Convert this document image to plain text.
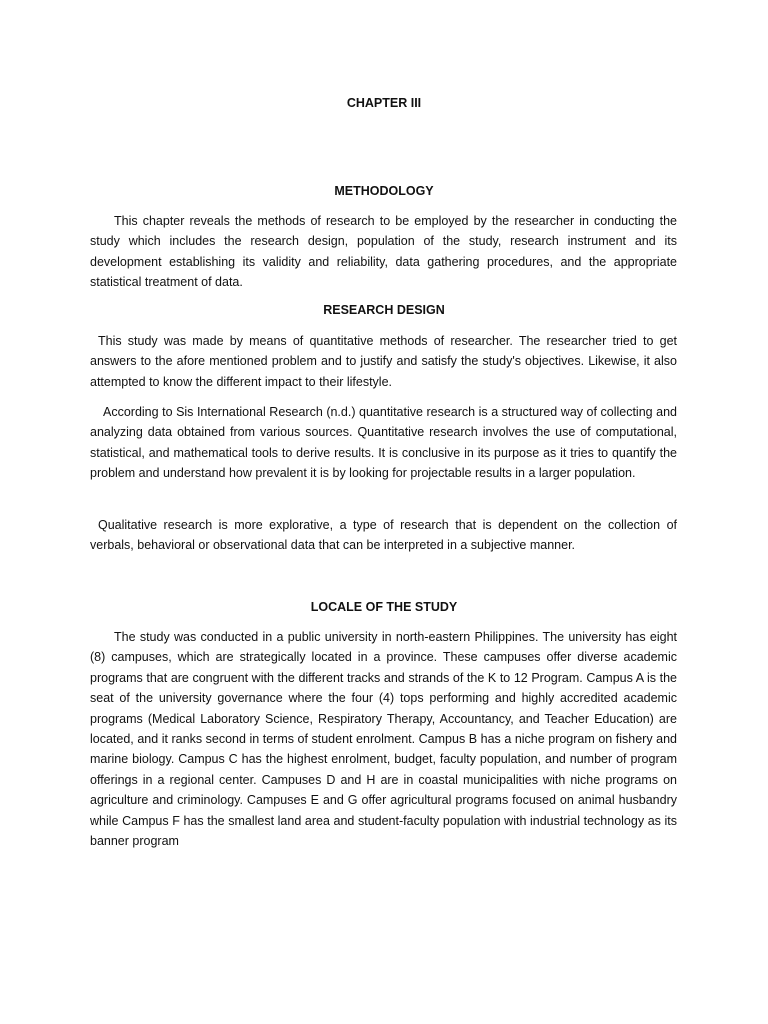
CHAPTER III
METHODOLOGY

This chapter reveals the methods of research to be employed by the researcher in conducting the study which includes the research design, population of the study, research instrument and its development establishing its validity and reliability, data gathering procedures, and the appropriate statistical treatment of data.

RESEARCH DESIGN

This study was made by means of quantitative methods of researcher. The researcher tried to get answers to the afore mentioned problem and to justify and satisfy the study's objectives. Likewise, it also attempted to know the different impact to their lifestyle.

According to Sis International Research (n.d.) quantitative research is a structured way of collecting and analyzing data obtained from various sources. Quantitative research involves the use of computational, statistical, and mathematical tools to derive results. It is conclusive in its purpose as it tries to quantify the problem and understand how prevalent it is by looking for projectable results in a larger population.

Qualitative research is more explorative, a type of research that is dependent on the collection of verbals, behavioral or observational data that can be interpreted in a subjective manner.

LOCALE OF THE STUDY

The study was conducted in a public university in north-eastern Philippines. The university has eight (8) campuses, which are strategically located in a province. These campuses offer diverse academic programs that are congruent with the different tracks and strands of the K to 12 Program. Campus A is the seat of the university governance where the four (4) tops performing and highly accredited academic programs (Medical Laboratory Science, Respiratory Therapy, Accountancy, and Teacher Education) are located, and it ranks second in terms of student enrolment. Campus B has a niche program on fishery and marine biology. Campus C has the highest enrolment, budget, faculty population, and number of program offerings in a regional center. Campuses D and H are in coastal municipalities with niche programs on agriculture and criminology. Campuses E and G offer agricultural programs focused on animal husbandry while Campus F has the smallest land area and student-faculty population with industrial technology as its banner program
